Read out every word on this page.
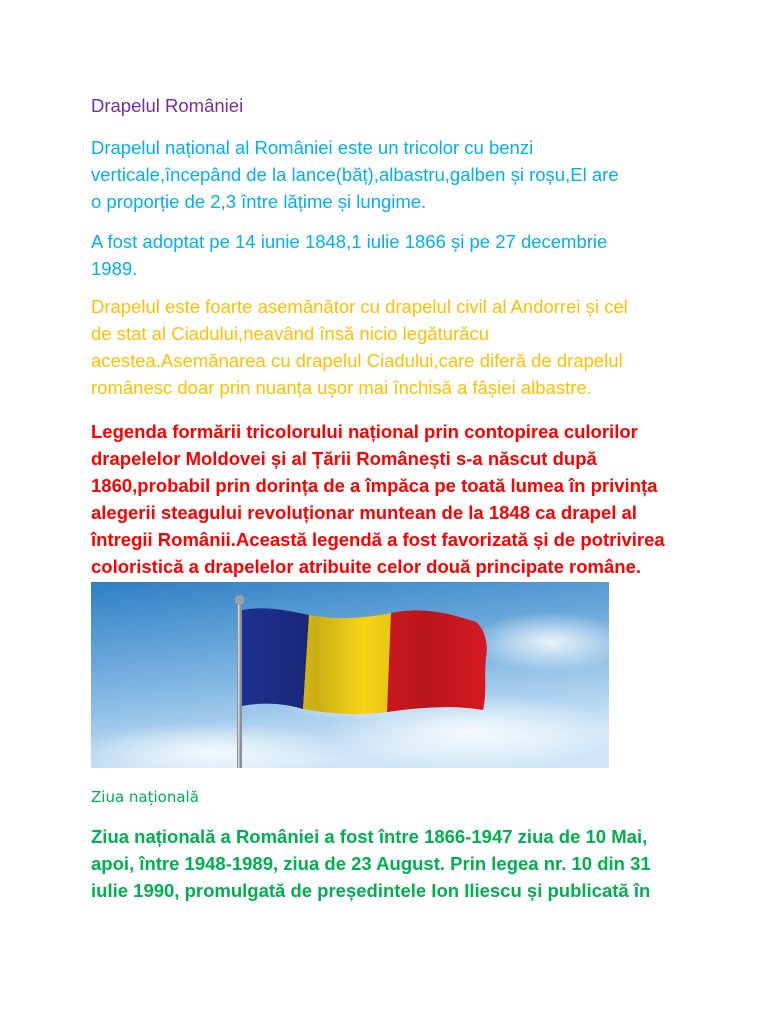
Drapelul României

Drapelul național al României este un tricolor cu benzi
verticale,începând de la lance(băț),albastru,galben și roșu,El are
o proporție de 2,3 între lățime și lungime.

A fost adoptat pe 14 iunie 1848,1 iulie 1866 și pe 27 decembrie
1989.

Drapelul este foarte asemănător cu drapelul civil al Andorrei și cel
de stat al Ciadului,neavând însă nicio legăturăcu
acestea.Asemănarea cu drapelul Ciadului,care diferă de drapelul
românesc doar prin nuanța ușor mai închisă a fâșiei albastre.

Legenda formării tricolorului național prin contopirea culorilor
drapelelor Moldovei și al Țării Românești s-a născut după
1860,probabil prin dorința de a împăca pe toată lumea în privința
alegerii steagului revoluționar muntean de la 1848 ca drapel al
întregii Românii.Această legendă a fost favorizată și de potrivirea
coloristică a drapelelor atribuite celor două principate române.

Ziua națională

Ziua națională a României a fost între 1866-1947 ziua de 10 Mai,
apoi, între 1948-1989, ziua de 23 August. Prin legea nr. 10 din 31
iulie 1990, promulgată de președintele Ion Iliescu și publicată în
